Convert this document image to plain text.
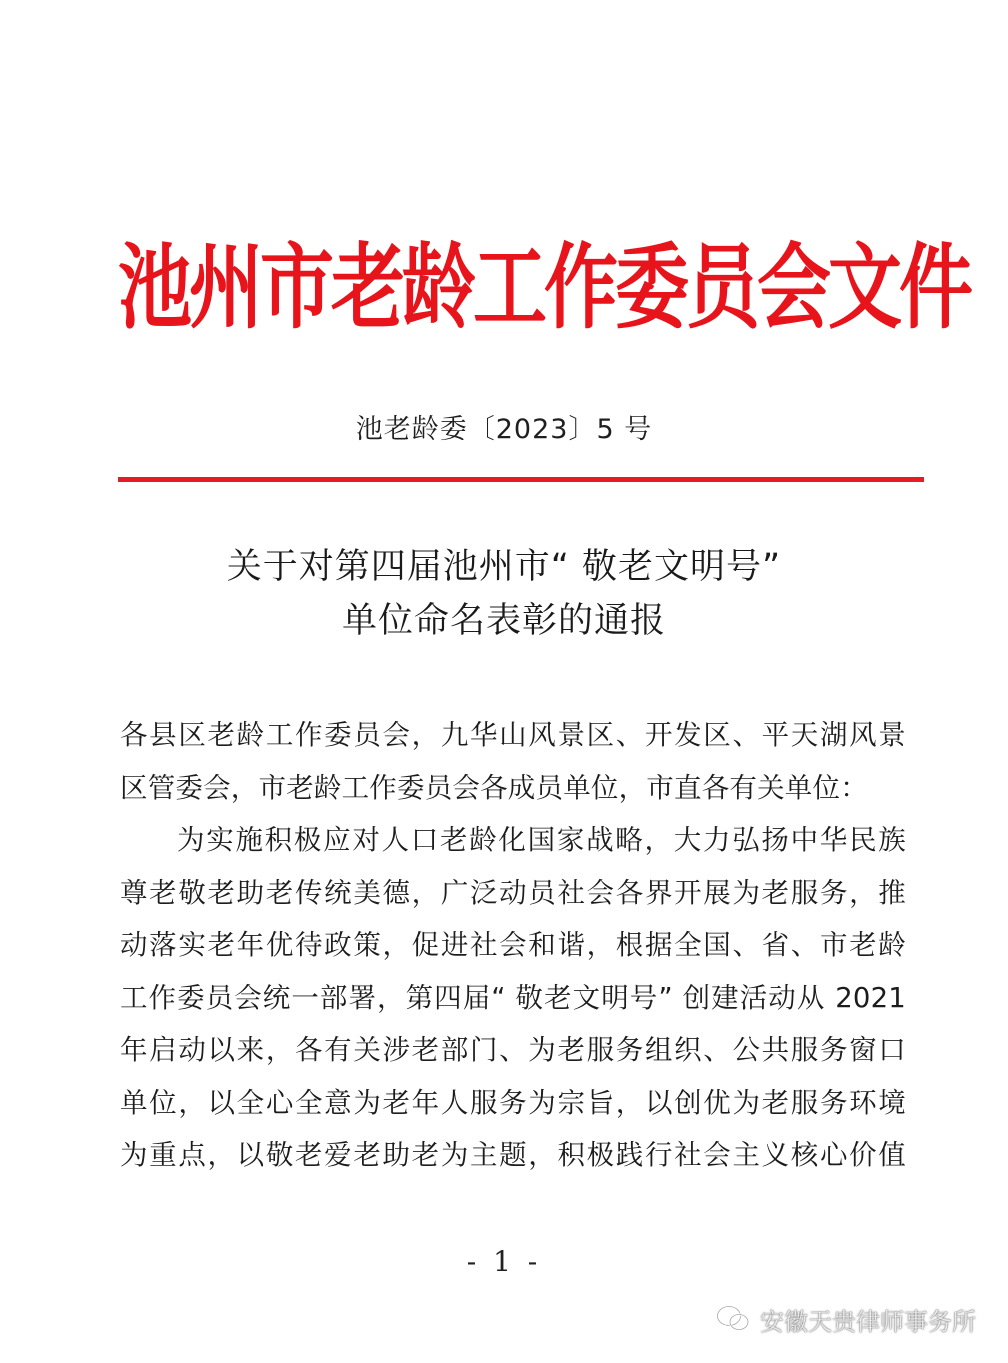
池州市老龄工作委员会文件
池老龄委〔2023〕5 号
关于对第四届池州市“ 敬老文明号”
单位命名表彰的通报
各县区老龄工作委员会，九华山风景区、开发区、平天湖风景
区管委会，市老龄工作委员会各成员单位，市直各有关单位：
为实施积极应对人口老龄化国家战略，大力弘扬中华民族
尊老敬老助老传统美德，广泛动员社会各界开展为老服务，推
动落实老年优待政策，促进社会和谐，根据全国、省、市老龄
工作委员会统一部署，第四届“ 敬老文明号” 创建活动从 2021
年启动以来，各有关涉老部门、为老服务组织、公共服务窗口
单位，以全心全意为老年人服务为宗旨，以创优为老服务环境
为重点，以敬老爱老助老为主题，积极践行社会主义核心价值
- 1 -
安徽天贵律师事务所
